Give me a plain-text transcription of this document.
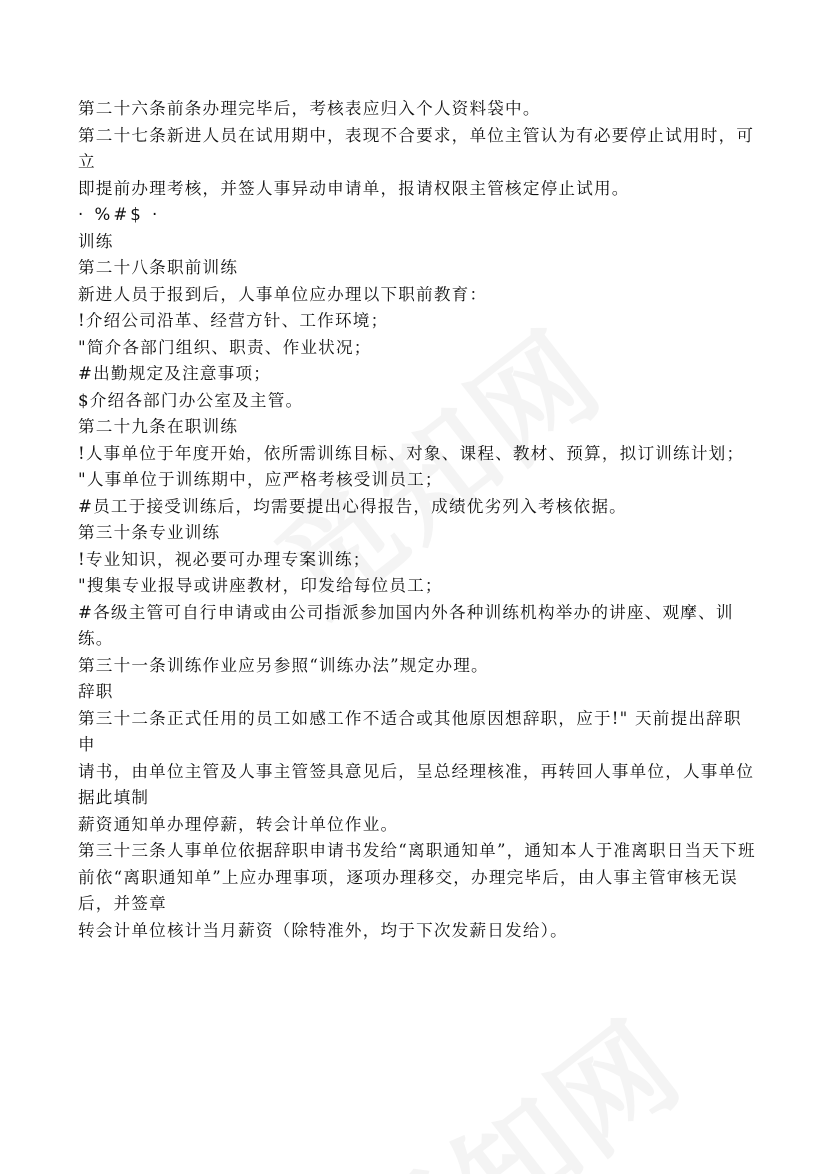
第二十六条前条办理完毕后，考核表应归入个人资料袋中。
第二十七条新进人员在试用期中，表现不合要求，单位主管认为有必要停止试用时，可立
即提前办理考核，并签人事异动申请单，报请权限主管核定停止试用。
· %#$ ·
训练
第二十八条职前训练
新进人员于报到后，人事单位应办理以下职前教育：
!介绍公司沿革、经营方针、工作环境；
"简介各部门组织、职责、作业状况；
#出勤规定及注意事项；
$介绍各部门办公室及主管。
第二十九条在职训练
!人事单位于年度开始，依所需训练目标、对象、课程、教材、预算，拟订训练计划；
"人事单位于训练期中，应严格考核受训员工；
#员工于接受训练后，均需要提出心得报告，成绩优劣列入考核依据。
第三十条专业训练
!专业知识，视必要可办理专案训练；
"搜集专业报导或讲座教材，印发给每位员工；
#各级主管可自行申请或由公司指派参加国内外各种训练机构举办的讲座、观摩、训练。
第三十一条训练作业应另参照“训练办法”规定办理。
辞职
第三十二条正式任用的员工如感工作不适合或其他原因想辞职，应于!" 天前提出辞职申
请书，由单位主管及人事主管签具意见后，呈总经理核准，再转回人事单位，人事单位据此填制
薪资通知单办理停薪，转会计单位作业。
第三十三条人事单位依据辞职申请书发给“离职通知单”，通知本人于准离职日当天下班
前依“离职通知单”上应办理事项，逐项办理移交，办理完毕后，由人事主管审核无误后，并签章
转会计单位核计当月薪资（除特准外，均于下次发薪日发给）。
